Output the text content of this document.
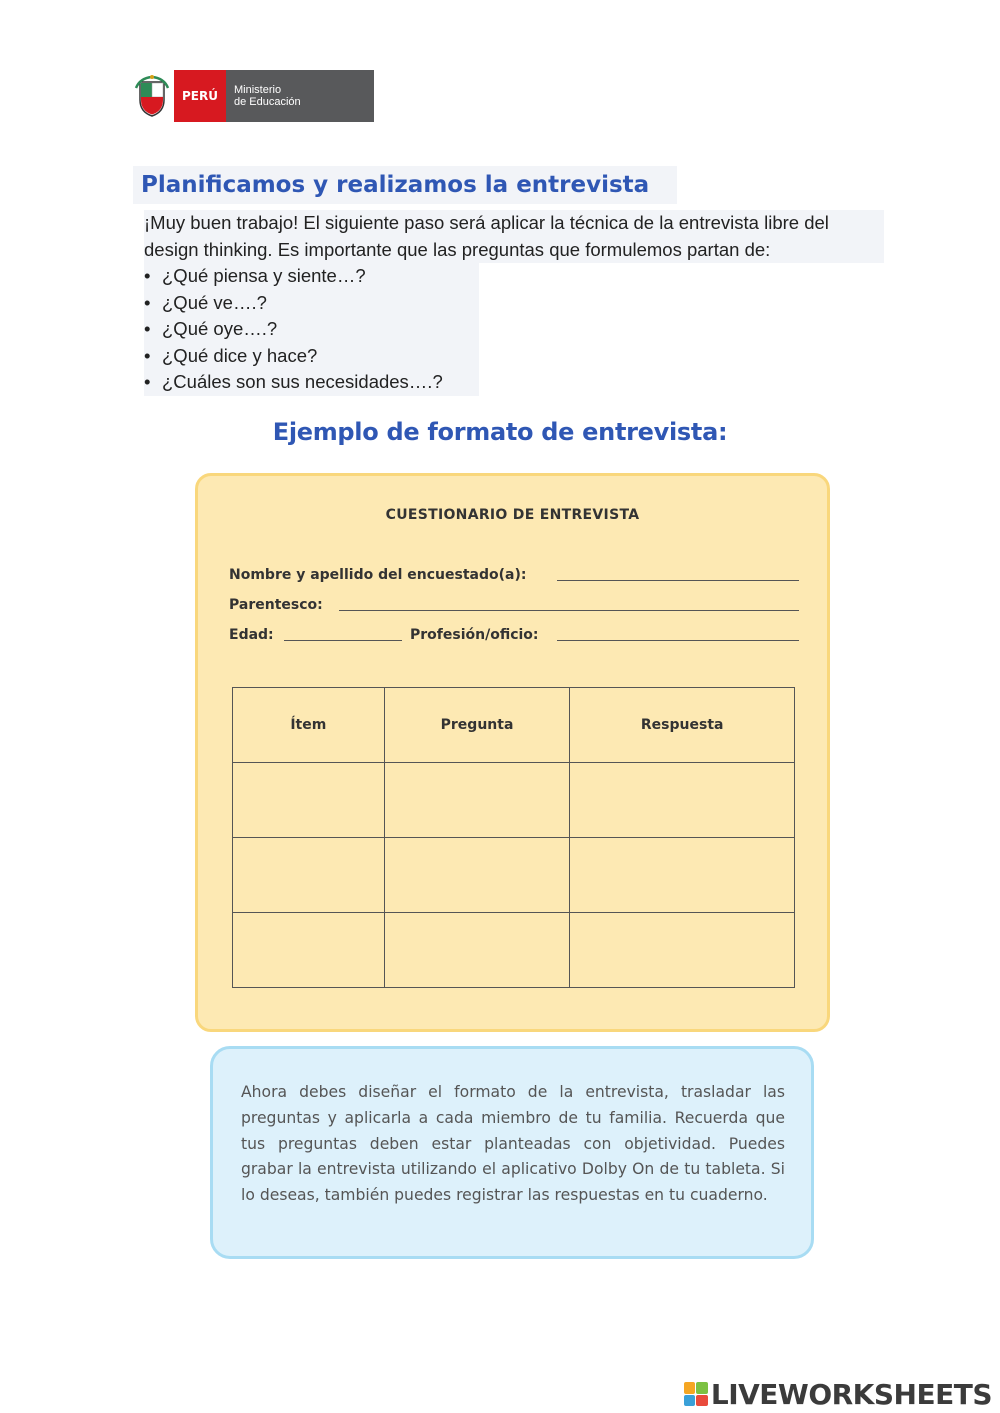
PERÚ Ministerio
de Educación
Planificamos y realizamos la entrevista

¡Muy buen trabajo! El siguiente paso será aplicar la técnica de la entrevista libre del design thinking. Es importante que las preguntas que formulemos partan de:

• ¿Qué piensa y siente…?
• ¿Qué ve….?
• ¿Qué oye….?
• ¿Qué dice y hace?
• ¿Cuáles son sus necesidades….?
Ejemplo de formato de entrevista:
CUESTIONARIO DE ENTREVISTA
Nombre y apellido del encuestado(a):
Parentesco:
Edad:	Profesión/oficio:
Ítem	Pregunta	Respuesta

Ahora debes diseñar el formato de la entrevista, trasladar las preguntas y aplicarla a cada miembro de tu familia. Recuerda que tus preguntas deben estar planteadas con objetividad. Puedes grabar la entrevista utilizando el aplicativo Dolby On de tu tableta. Si lo deseas, también puedes registrar las respuestas en tu cuaderno.
LIVEWORKSHEETS
